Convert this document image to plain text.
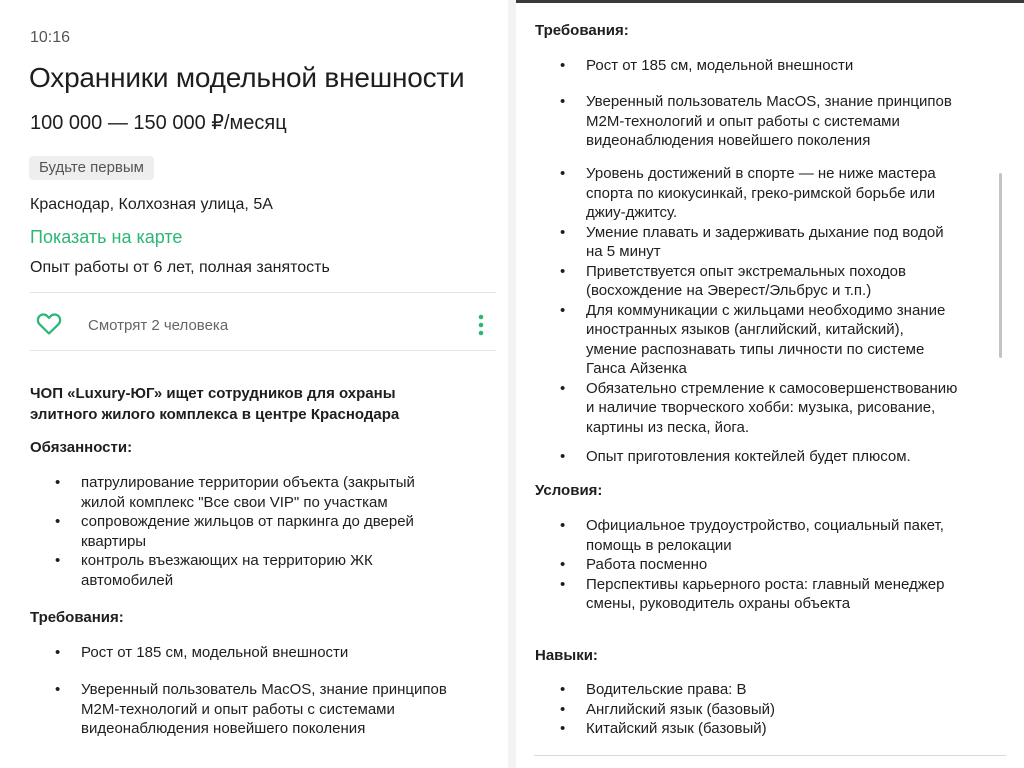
10:16
Охранники модельной внешности
100 000 — 150 000 ₽/месяц
Будьте первым
Краснодар, Колхозная улица, 5А
Показать на карте
Опыт работы от 6 лет, полная занятость
Смотрят 2 человека
ЧОП «Luxury-ЮГ» ищет сотрудников для охраны
элитного жилого комплекса в центре Краснодара
Обязанности:
• патрулирование территории объекта (закрытый
жилой комплекс "Все свои VIP" по участкам
• сопровождение жильцов от паркинга до дверей
квартиры
• контроль въезжающих на территорию ЖК
автомобилей
Требования:
• Рост от 185 см, модельной внешности
• Уверенный пользователь MacOS, знание принципов
M2M-технологий и опыт работы с системами
видеонаблюдения новейшего поколения
Требования:
• Рост от 185 см, модельной внешности
• Уверенный пользователь MacOS, знание принципов
M2M-технологий и опыт работы с системами
видеонаблюдения новейшего поколения
• Уровень достижений в спорте — не ниже мастера
спорта по киокусинкай, греко-римской борьбе или
джиу-джитсу.
• Умение плавать и задерживать дыхание под водой
на 5 минут
• Приветствуется опыт экстремальных походов
(восхождение на Эверест/Эльбрус и т.п.)
• Для коммуникации с жильцами необходимо знание
иностранных языков (английский, китайский),
умение распознавать типы личности по системе
Ганса Айзенка
• Обязательно стремление к самосовершенствованию
и наличие творческого хобби: музыка, рисование,
картины из песка, йога.
• Опыт приготовления коктейлей будет плюсом.
Условия:
• Официальное трудоустройство, социальный пакет,
помощь в релокации
• Работа посменно
• Перспективы карьерного роста: главный менеджер
смены, руководитель охраны объекта
Навыки:
• Водительские права: B
• Английский язык (базовый)
• Китайский язык (базовый)
